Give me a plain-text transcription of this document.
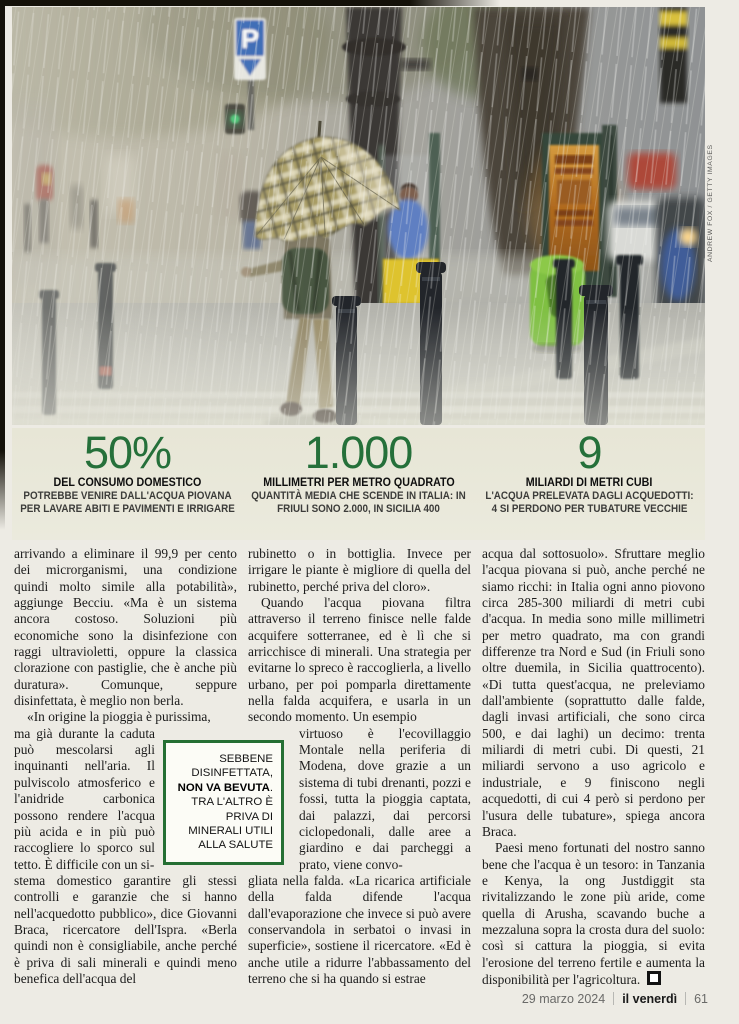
ANDREW FOX / GETTY IMAGES
50%
DEL CONSUMO DOMESTICO
POTREBBE VENIRE DALL'ACQUA PIOVANA PER LAVARE ABITI E PAVIMENTI E IRRIGARE
1.000
MILLIMETRI PER METRO QUADRATO
QUANTITÀ MEDIA CHE SCENDE IN ITALIA: IN FRIULI SONO 2.000, IN SICILIA 400
9
MILIARDI DI METRI CUBI
L'ACQUA PRELEVATA DAGLI ACQUEDOTTI: 4 SI PERDONO PER TUBATURE VECCHIE

arrivando a eliminare il 99,9 per cento dei microrganismi, una condizione quindi molto simile alla potabilità», aggiunge Becciu. «Ma è un sistema ancora costoso. Soluzioni più economiche sono la disinfezione con raggi ultravioletti, oppure la classica clorazione con pastiglie, che è anche più duratura». Comunque, seppure disinfettata, è meglio non berla.

«In origine la pioggia è purissima,

ma già durante la caduta può mescolarsi agli inquinanti nell'aria. Il pulviscolo atmosferico e l'anidride carbonica possono rendere l'acqua più acida e in più può raccogliere lo sporco sul tetto. È difficile con un si-

stema domestico garantire gli stessi controlli e garanzie che si hanno nell'acquedotto pubblico», dice Giovanni Braca, ricercatore dell'Ispra. «Berla quindi non è consigliabile, anche perché è priva di sali minerali e quindi meno benefica dell'acqua del

rubinetto o in bottiglia. Invece per irrigare le piante è migliore di quella del rubinetto, perché priva del cloro».

Quando l'acqua piovana filtra attraverso il terreno finisce nelle falde acquifere sotterranee, ed è lì che si arricchisce di minerali. Una strategia per evitarne lo spreco è raccoglierla, a livello urbano, per poi pomparla direttamente nella falda acquifera, e usarla in un secondo momento. Un esempio

virtuoso è l'ecovillaggio Montale nella periferia di Modena, dove grazie a un sistema di tubi drenanti, pozzi e fossi, tutta la pioggia captata, dai palazzi, dai percorsi ciclopedonali, dalle aree a giardino e dai parcheggi a prato, viene convo-

gliata nella falda. «La ricarica artificiale della falda difende l'acqua dall'evaporazione che invece si può avere conservandola in serbatoi o invasi in superficie», sostiene il ricercatore. «Ed è anche utile a ridurre l'abbassamento del terreno che si ha quando si estrae

acqua dal sottosuolo». Sfruttare meglio l'acqua piovana si può, anche perché ne siamo ricchi: in Italia ogni anno piovono circa 285-300 miliardi di metri cubi d'acqua. In media sono mille millimetri per metro quadrato, ma con grandi differenze tra Nord e Sud (in Friuli sono oltre duemila, in Sicilia quattrocento). «Di tutta quest'acqua, ne preleviamo dall'ambiente (soprattutto dalle falde, dagli invasi artificiali, che sono circa 500, e dai laghi) un decimo: trenta miliardi di metri cubi. Di questi, 21 miliardi servono a uso agricolo e industriale, e 9 finiscono negli acquedotti, di cui 4 però si perdono per l'usura delle tubature», spiega ancora Braca.

Paesi meno fortunati del nostro sanno bene che l'acqua è un tesoro: in Tanzania e Kenya, la ong Justdiggit sta rivitalizzando le zone più aride, come quella di Arusha, scavando buche a mezzaluna sopra la crosta dura del suolo: così si cattura la pioggia, si evita l'erosione del terreno fertile e aumenta la disponibilità per l'agricoltura.

SEBBENE DISINFETTATA, NON VA BEVUTA. TRA L'ALTRO È PRIVA DI MINERALI UTILI ALLA SALUTE
29 marzo 2024 il venerdì 61
